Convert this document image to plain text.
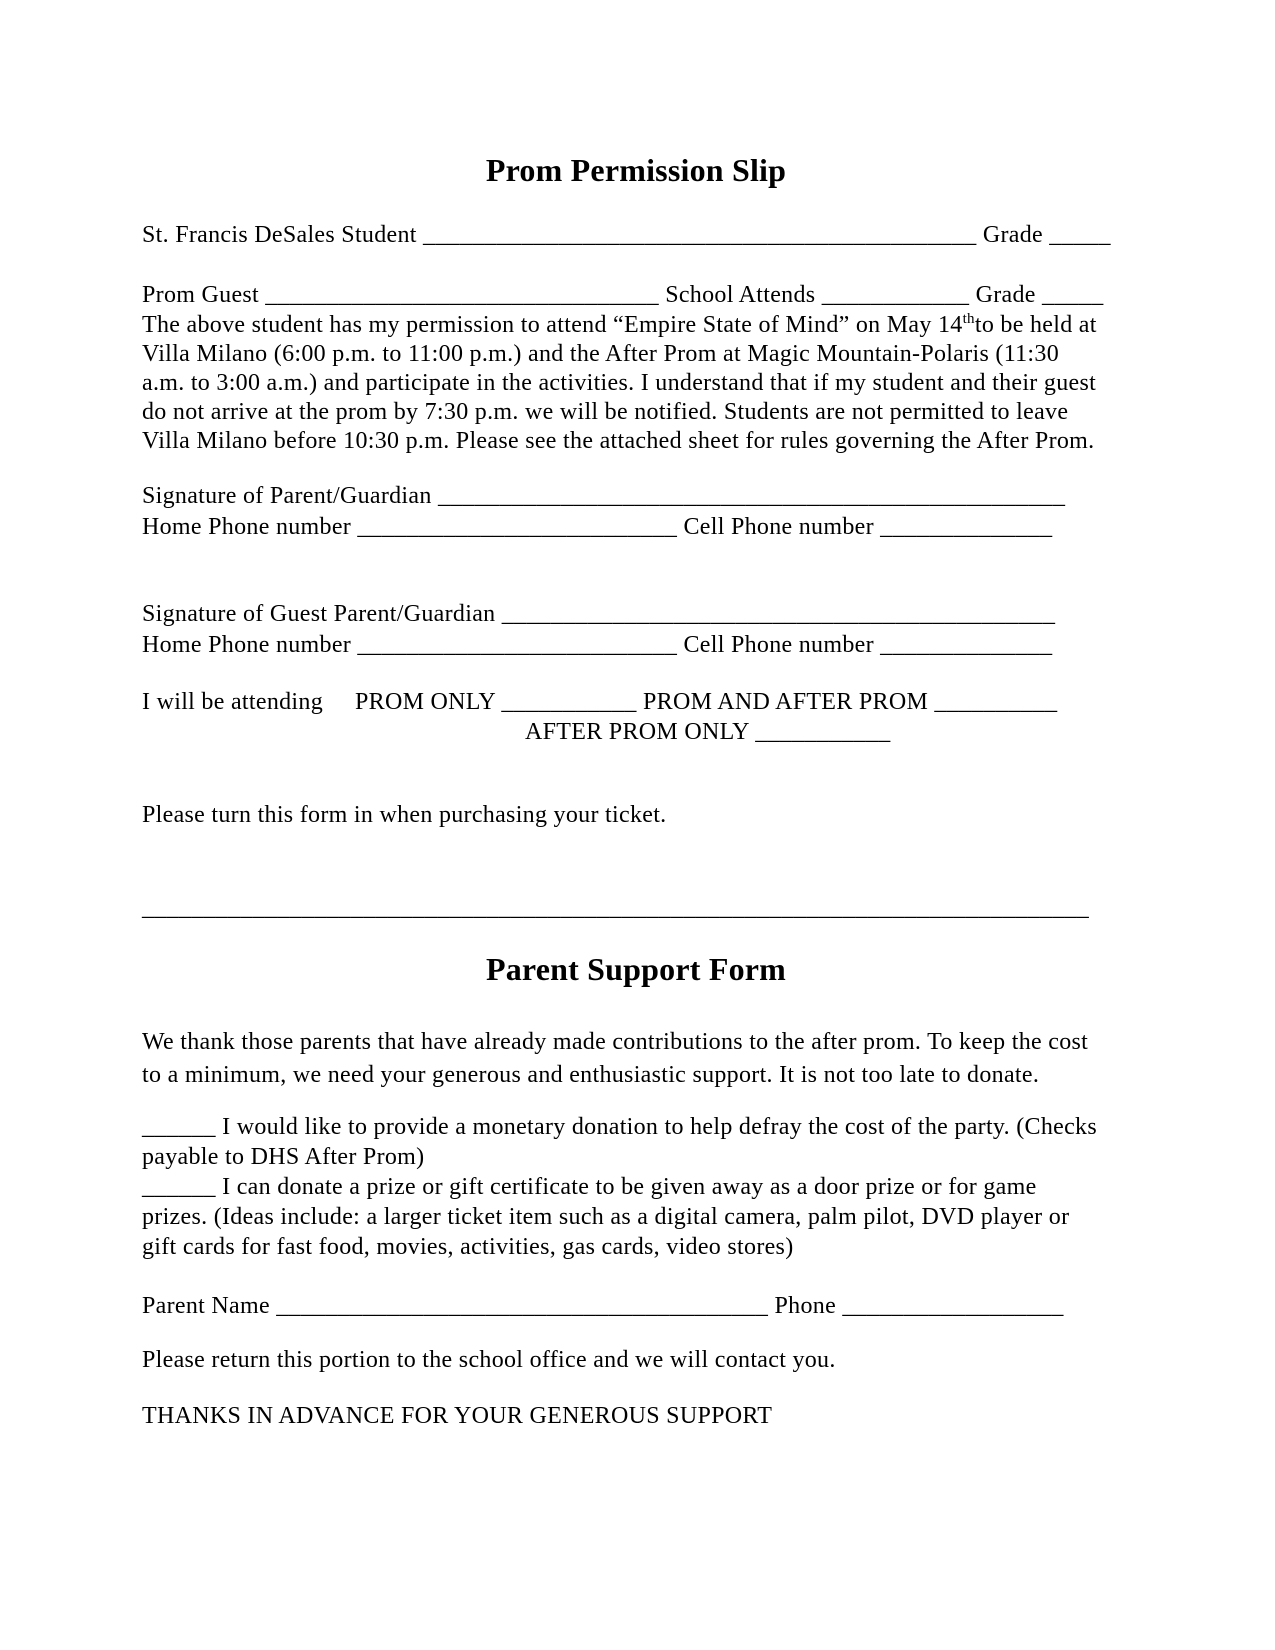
Prom Permission Slip
St. Francis DeSales Student _____________________________________________ Grade _____
Prom Guest ________________________________ School Attends ____________ Grade _____
The above student has my permission to attend “Empire State of Mind” on May 14thto be held at
Villa Milano (6:00 p.m. to 11:00 p.m.) and the After Prom at Magic Mountain-Polaris (11:30
a.m. to 3:00 a.m.) and participate in the activities. I understand that if my student and their guest
do not arrive at the prom by 7:30 p.m. we will be notified. Students are not permitted to leave
Villa Milano before 10:30 p.m. Please see the attached sheet for rules governing the After Prom.
Signature of Parent/Guardian ___________________________________________________
Home Phone number __________________________ Cell Phone number ______________
Signature of Guest Parent/Guardian _____________________________________________
Home Phone number __________________________ Cell Phone number ______________
I will be attending PROM ONLY ___________ PROM AND AFTER PROM __________
AFTER PROM ONLY ___________
Please turn this form in when purchasing your ticket.
_____________________________________________________________________________
Parent Support Form
We thank those parents that have already made contributions to the after prom. To keep the cost
to a minimum, we need your generous and enthusiastic support. It is not too late to donate.
______ I would like to provide a monetary donation to help defray the cost of the party. (Checks
payable to DHS After Prom)
______ I can donate a prize or gift certificate to be given away as a door prize or for game
prizes. (Ideas include: a larger ticket item such as a digital camera, palm pilot, DVD player or
gift cards for fast food, movies, activities, gas cards, video stores)
Parent Name ________________________________________ Phone __________________
Please return this portion to the school office and we will contact you.
THANKS IN ADVANCE FOR YOUR GENEROUS SUPPORT
